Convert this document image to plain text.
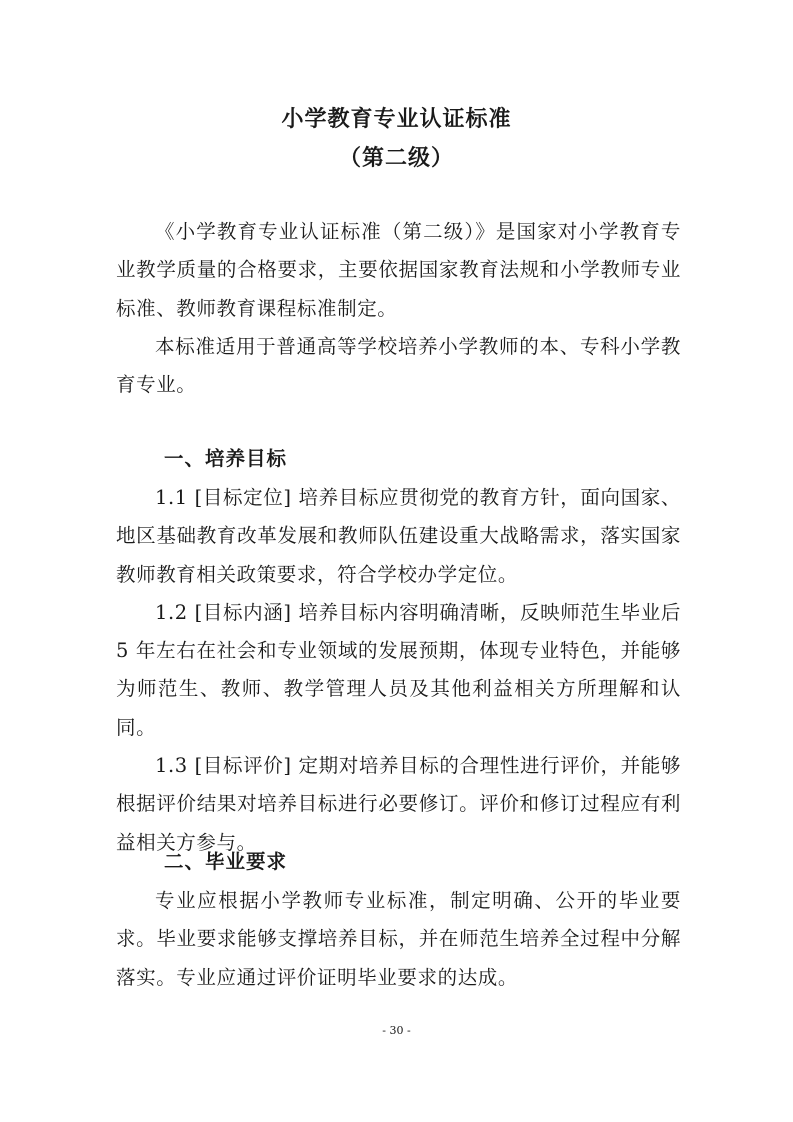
小学教育专业认证标准
（第二级）

《小学教育专业认证标准（第二级）》是国家对小学教育专业教学质量的合格要求，主要依据国家教育法规和小学教师专业标准、教师教育课程标准制定。

本标准适用于普通高等学校培养小学教师的本、专科小学教育专业。

一、培养目标

1.1 [目标定位] 培养目标应贯彻党的教育方针，面向国家、地区基础教育改革发展和教师队伍建设重大战略需求，落实国家教师教育相关政策要求，符合学校办学定位。

1.2 [目标内涵] 培养目标内容明确清晰，反映师范生毕业后 5 年左右在社会和专业领域的发展预期，体现专业特色，并能够为师范生、教师、教学管理人员及其他利益相关方所理解和认同。

1.3 [目标评价] 定期对培养目标的合理性进行评价，并能够根据评价结果对培养目标进行必要修订。评价和修订过程应有利益相关方参与。

二、毕业要求

专业应根据小学教师专业标准，制定明确、公开的毕业要求。毕业要求能够支撑培养目标，并在师范生培养全过程中分解落实。专业应通过评价证明毕业要求的达成。

- 30 -
